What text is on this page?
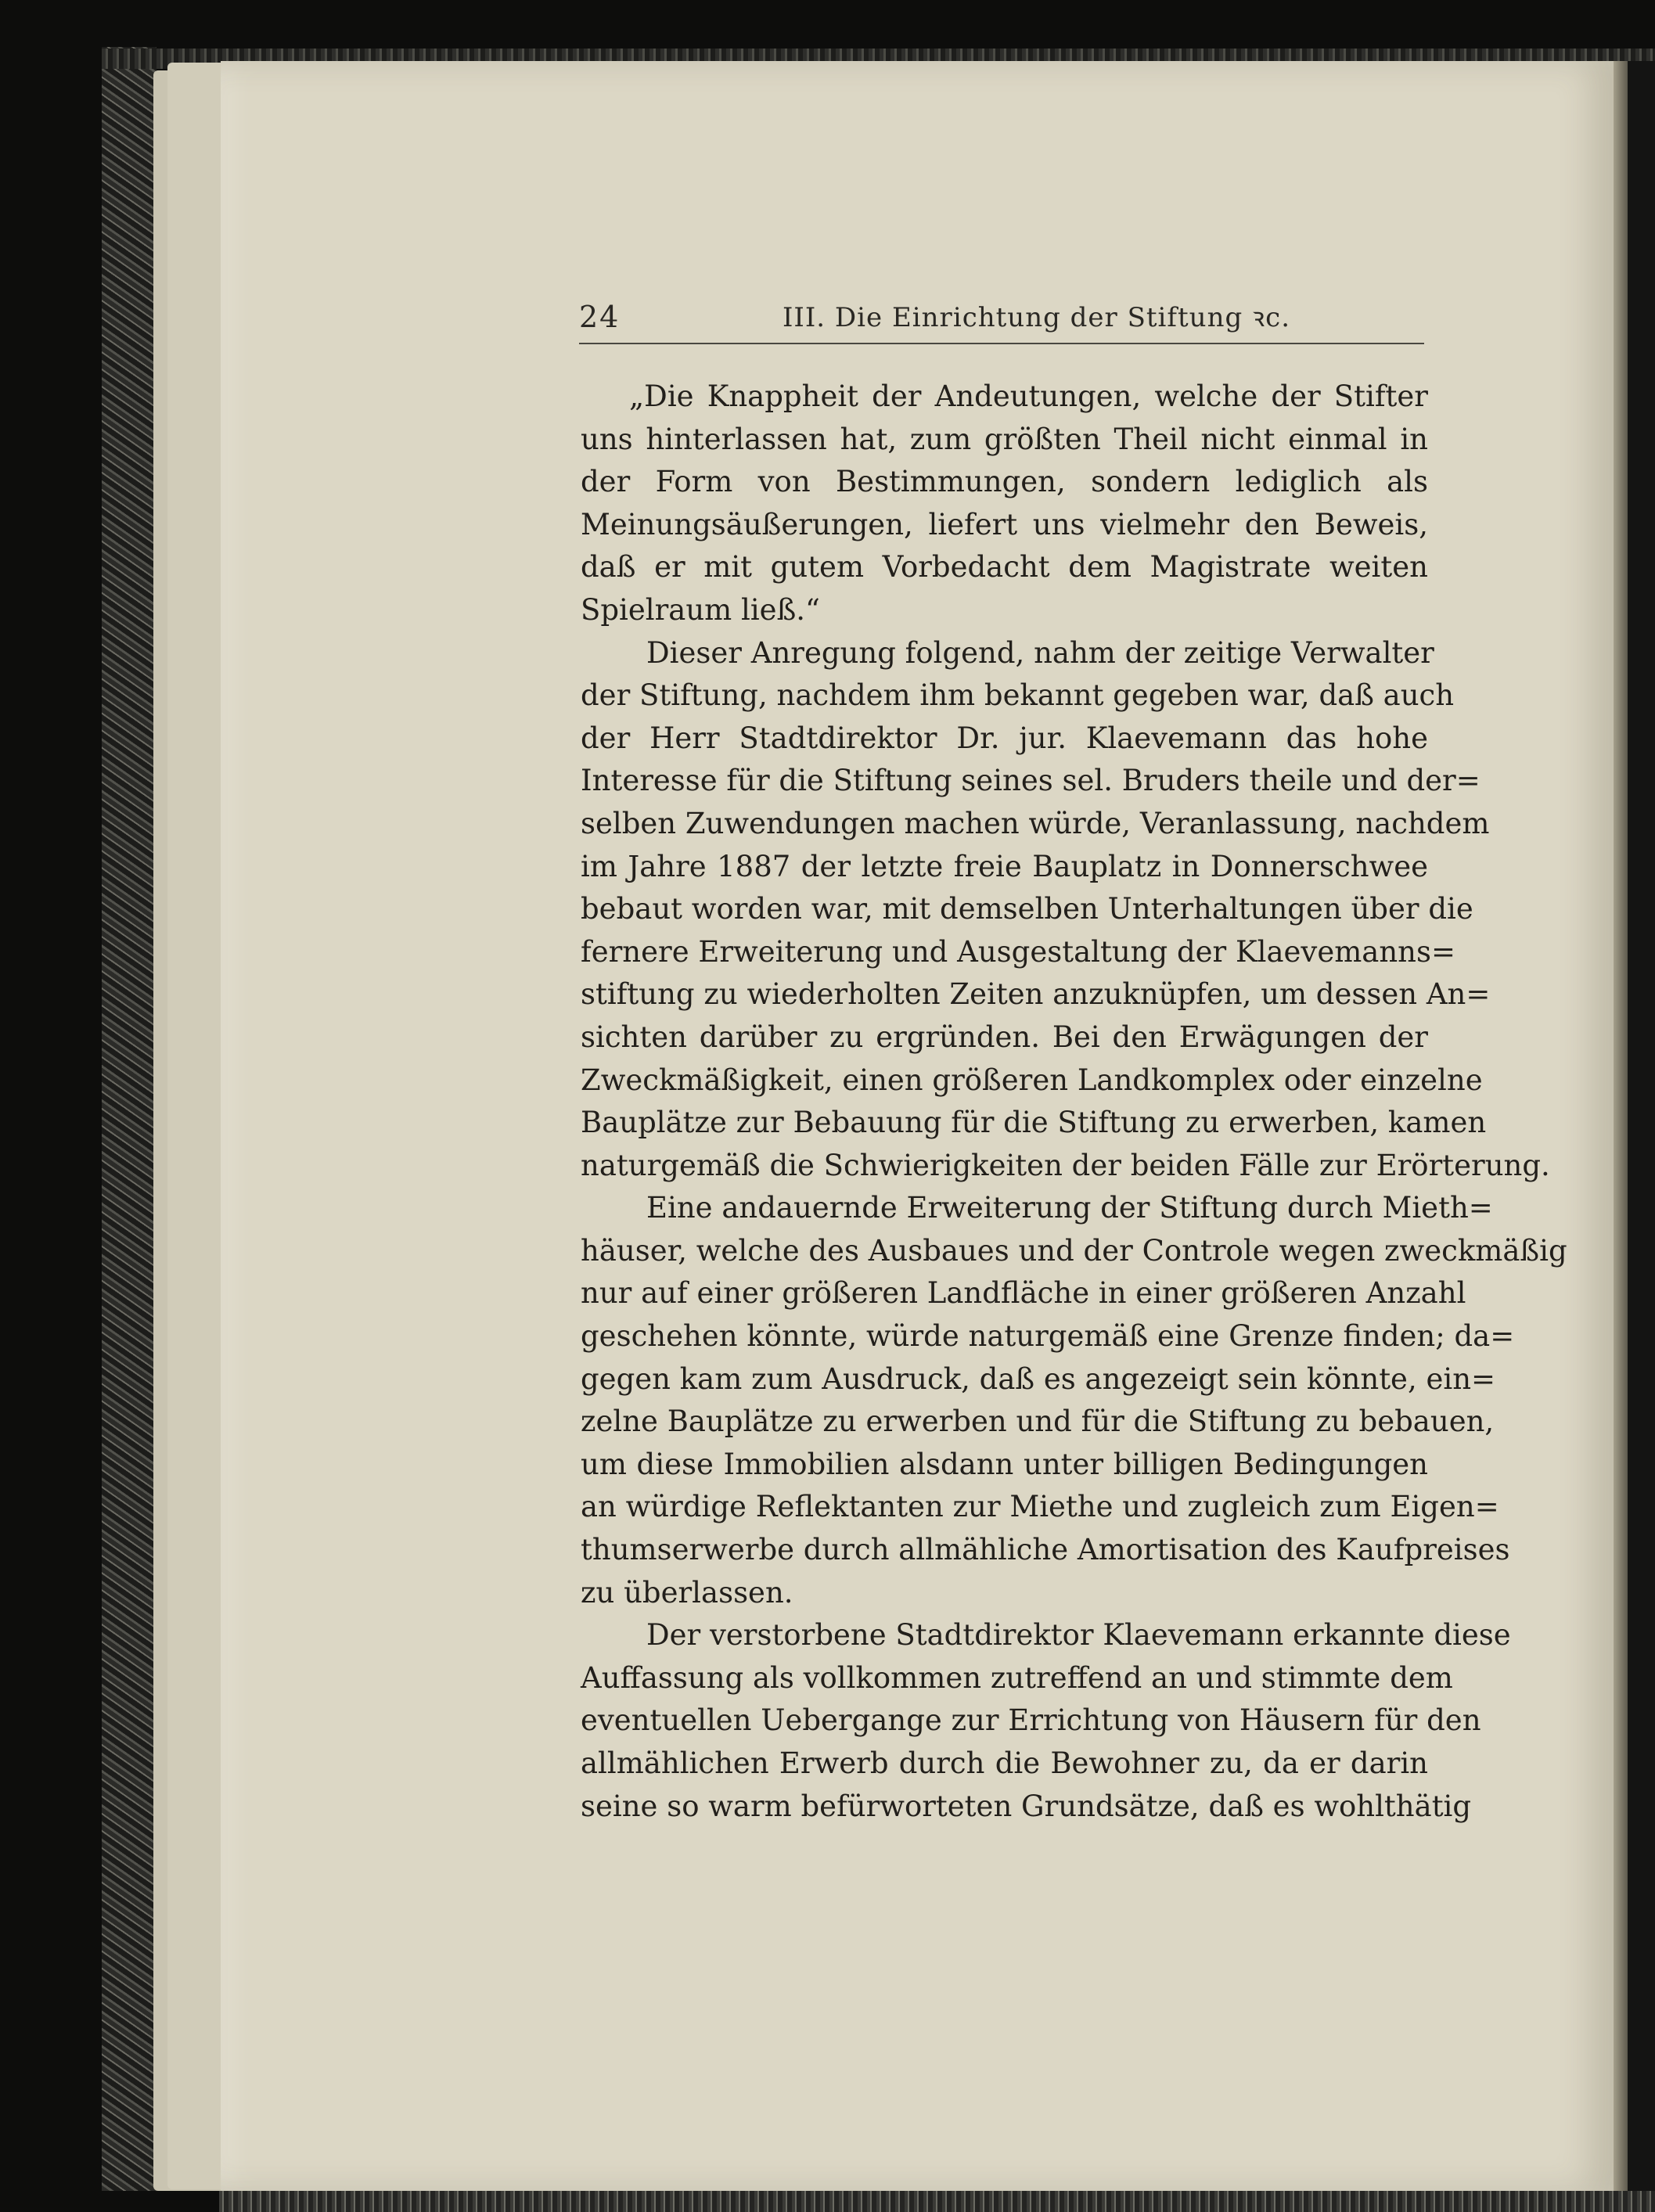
24	III. Die Einrichtung der Stiftung ꝛc.
„Die Knappheit der Andeutungen, welche der Stifter
uns hinterlassen hat, zum größten Theil nicht einmal in
der Form von Bestimmungen, sondern lediglich als
Meinungsäußerungen, liefert uns vielmehr den Beweis,
daß er mit gutem Vorbedacht dem Magistrate weiten
Spielraum ließ.“
Dieser Anregung folgend, nahm der zeitige Verwalter
der Stiftung, nachdem ihm bekannt gegeben war, daß auch
der Herr Stadtdirektor Dr. jur. Klaevemann das hohe
Interesse für die Stiftung seines sel. Bruders theile und der=
selben Zuwendungen machen würde, Veranlassung, nachdem
im Jahre 1887 der letzte freie Bauplatz in Donnerschwee
bebaut worden war, mit demselben Unterhaltungen über die
fernere Erweiterung und Ausgestaltung der Klaevemanns=
stiftung zu wiederholten Zeiten anzuknüpfen, um dessen An=
sichten darüber zu ergründen. Bei den Erwägungen der
Zweckmäßigkeit, einen größeren Landkomplex oder einzelne
Bauplätze zur Bebauung für die Stiftung zu erwerben, kamen
naturgemäß die Schwierigkeiten der beiden Fälle zur Erörterung.
Eine andauernde Erweiterung der Stiftung durch Mieth=
häuser, welche des Ausbaues und der Controle wegen zweckmäßig
nur auf einer größeren Landfläche in einer größeren Anzahl
geschehen könnte, würde naturgemäß eine Grenze finden; da=
gegen kam zum Ausdruck, daß es angezeigt sein könnte, ein=
zelne Bauplätze zu erwerben und für die Stiftung zu bebauen,
um diese Immobilien alsdann unter billigen Bedingungen
an würdige Reflektanten zur Miethe und zugleich zum Eigen=
thumserwerbe durch allmähliche Amortisation des Kaufpreises
zu überlassen.
Der verstorbene Stadtdirektor Klaevemann erkannte diese
Auffassung als vollkommen zutreffend an und stimmte dem
eventuellen Uebergange zur Errichtung von Häusern für den
allmählichen Erwerb durch die Bewohner zu, da er darin
seine so warm befürworteten Grundsätze, daß es wohlthätig
